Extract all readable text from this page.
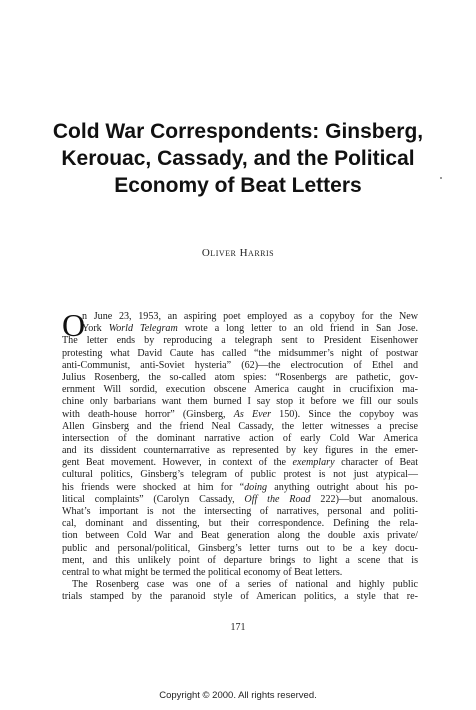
Cold War Correspondents: Ginsberg,
Kerouac, Cassady, and the Political
Economy of Beat Letters

Oliver Harris

O
n June 23, 1953, an aspiring poet employed as a copyboy for the New
York World Telegram wrote a long letter to an old friend in San Jose.
The letter ends by reproducing a telegraph sent to President Eisenhower
protesting what David Caute has called “the midsummer’s night of postwar
anti-Communist, anti-Soviet hysteria” (62)—the electrocution of Ethel and
Julius Rosenberg, the so-called atom spies: “Rosenbergs are pathetic, gov-
ernment Will sordid, execution obscene America caught in crucifixion ma-
chine only barbarians want them burned I say stop it before we fill our souls
with death-house horror” (Ginsberg, As Ever 150). Since the copyboy was
Allen Ginsberg and the friend Neal Cassady, the letter witnesses a precise
intersection of the dominant narrative action of early Cold War America
and its dissident counternarrative as represented by key figures in the emer-
gent Beat movement. However, in context of the exemplary character of Beat
cultural politics, Ginsberg’s telegram of public protest is not just atypical—
his friends were shocked at him for “doing anything outright about his po-
litical complaints” (Carolyn Cassady, Off the Road 222)—but anomalous.
What’s important is not the intersecting of narratives, personal and politi-
cal, dominant and dissenting, but their correspondence. Defining the rela-
tion between Cold War and Beat generation along the double axis private/
public and personal/political, Ginsberg’s letter turns out to be a key docu-
ment, and this unlikely point of departure brings to light a scene that is
central to what might be termed the political economy of Beat letters.
The Rosenberg case was one of a series of national and highly public
trials stamped by the paranoid style of American politics, a style that re-
171
Copyright © 2000. All rights reserved.
